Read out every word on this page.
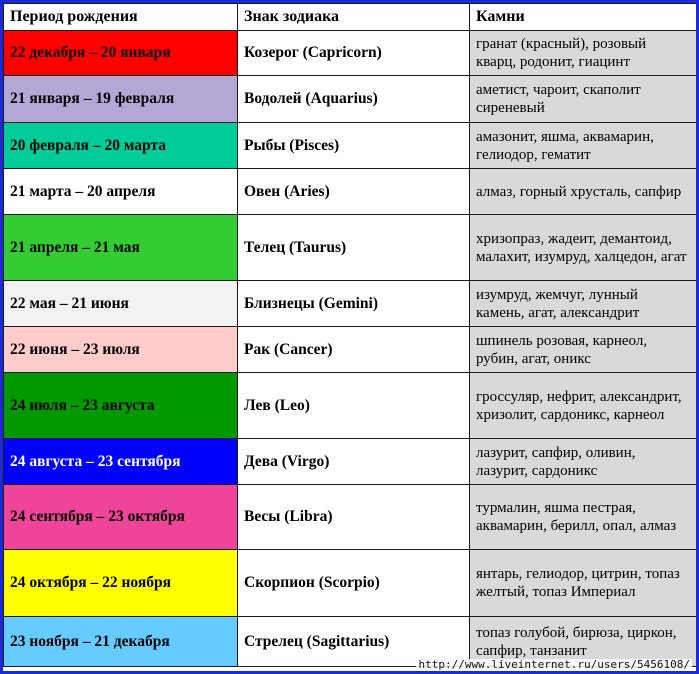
Период рождения	Знак зодиака	Камни
22 декабря – 20 января	Козерог (Capricorn)	гранат (красный), розовый кварц, родонит, гиацинт
21 января – 19 февраля	Водолей (Aquarius)	аметист, чароит, скаполит сиреневый
20 февраля – 20 марта	Рыбы (Pisces)	амазонит, яшма, аквамарин, гелиодор, гематит
21 марта – 20 апреля	Овен (Aries)	алмаз, горный хрусталь, сапфир
21 апреля – 21 мая	Телец (Taurus)	хризопраз, жадеит, демантоид, малахит, изумруд, халцедон, агат
22 мая – 21 июня	Близнецы (Gemini)	изумруд, жемчуг, лунный камень, агат, александрит
22 июня – 23 июля	Рак (Cancer)	шпинель розовая, карнеол, рубин, агат, оникс
24 июля – 23 августа	Лев (Leo)	гроссуляр, нефрит, александрит, хризолит, сардоникс, карнеол
24 августа – 23 сентября	Дева (Virgo)	лазурит, сапфир, оливин, лазурит, сардоникс
24 сентября – 23 октября	Весы (Libra)	турмалин, яшма пестрая, аквамарин, берилл, опал, алмаз
24 октября – 22 ноября	Скорпион (Scorpio)	янтарь, гелиодор, цитрин, топаз желтый, топаз Империал
23 ноября – 21 декабря	Стрелец (Sagittarius)	топаз голубой, бирюза, циркон, сапфир, танзанит
http://www.liveinternet.ru/users/5456108/
